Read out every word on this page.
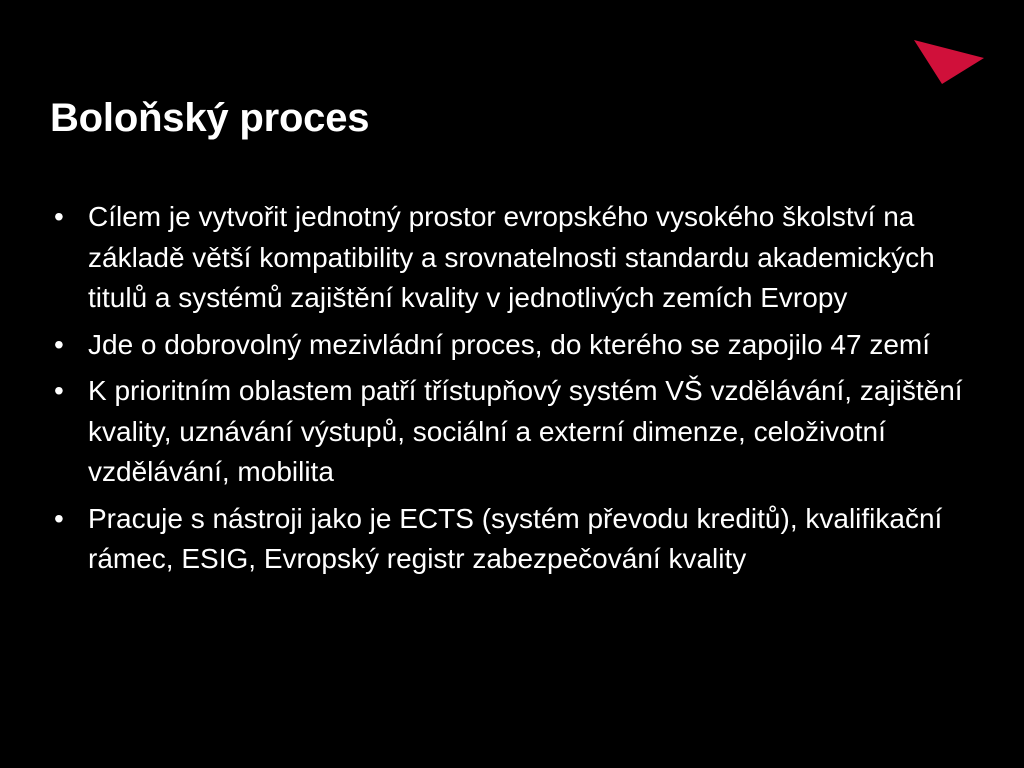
Boloňský proces
• Cílem je vytvořit jednotný prostor evropského vysokého školství na základě větší kompatibility a srovnatelnosti standardu akademických titulů a systémů zajištění kvality v jednotlivých zemích Evropy
• Jde o dobrovolný mezivládní proces, do kterého se zapojilo 47 zemí
• K prioritním oblastem patří třístupňový systém VŠ vzdělávání, zajištění kvality, uznávání výstupů, sociální a externí dimenze, celoživotní vzdělávání, mobilita
• Pracuje s nástroji jako je ECTS (systém převodu kreditů), kvalifikační rámec, ESIG, Evropský registr zabezpečování kvality
